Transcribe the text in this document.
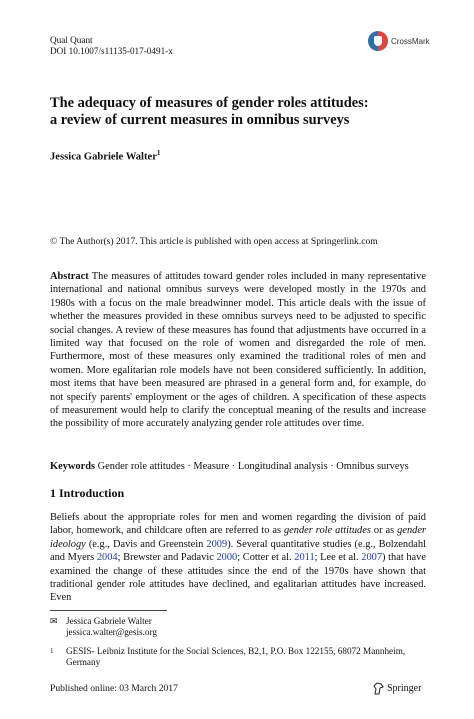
Qual Quant
DOI 10.1007/s11135-017-0491-x
CrossMark
The adequacy of measures of gender roles attitudes:
a review of current measures in omnibus surveys
Jessica Gabriele Walter$^1$
© The Author(s) 2017. This article is published with open access at Springerlink.com
Abstract The measures of attitudes toward gender roles included in many representative international and national omnibus surveys were developed mostly in the 1970s and 1980s with a focus on the male breadwinner model. This article deals with the issue of whether the measures provided in these omnibus surveys need to be adjusted to specific social changes. A review of these measures has found that adjustments have occurred in a limited way that focused on the role of women and disregarded the role of men. Furthermore, most of these measures only examined the traditional roles of men and women. More egalitarian role models have not been considered sufficiently. In addition, most items that have been measured are phrased in a general form and, for example, do not specify parents' employment or the ages of children. A specification of these aspects of measurement would help to clarify the conceptual meaning of the results and increase the possibility of more accurately analyzing gender role attitudes over time.
Keywords Gender role attitudes · Measure · Longitudinal analysis · Omnibus surveys
1 Introduction
Beliefs about the appropriate roles for men and women regarding the division of paid labor, homework, and childcare often are referred to as gender role attitudes or as gender ideology (e.g., Davis and Greenstein 2009). Several quantitative studies (e.g., Bolzendahl and Myers 2004; Brewster and Padavic 2000; Cotter et al. 2011; Lee et al. 2007) that have examined the change of these attitudes since the end of the 1970s have shown that traditional gender role attitudes have declined, and egalitarian attitudes have increased. Even
✉ Jessica Gabriele Walter
jessica.walter@gesis.org
1 GESIS- Leibniz Institute for the Social Sciences, B2,1, P.O. Box 122155, 68072 Mannheim,
Germany
Published online: 03 March 2017	Springer
